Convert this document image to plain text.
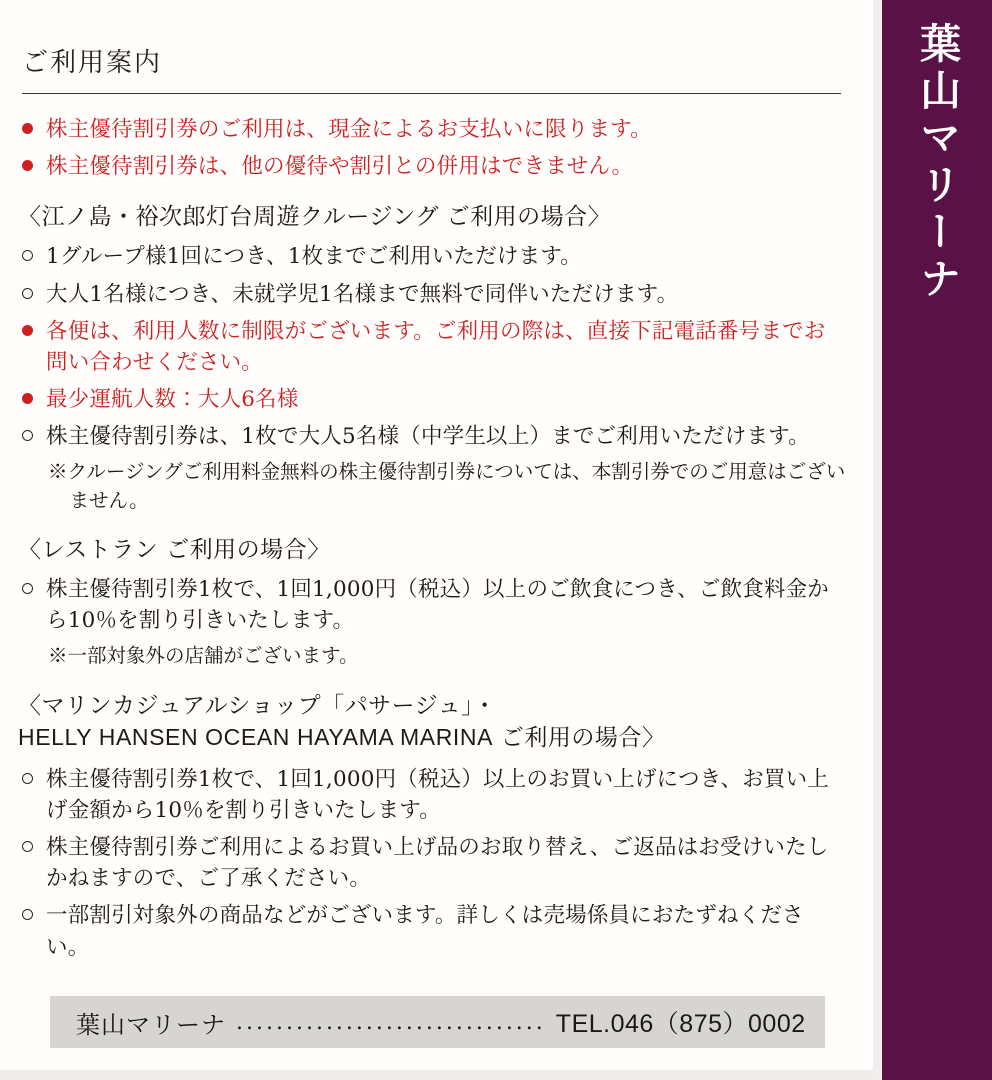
ご利用案内
株主優待割引券のご利用は、現金によるお支払いに限ります。
株主優待割引券は、他の優待や割引との併用はできません。
〈江ノ島・裕次郎灯台周遊クルージング ご利用の場合〉
1グループ様1回につき、1枚までご利用いただけます。
大人1名様につき、未就学児1名様まで無料で同伴いただけます。
各便は、利用人数に制限がございます。ご利用の際は、直接下記電話番号までお問い合わせください。
最少運航人数：大人6名様
株主優待割引券は、1枚で大人5名様（中学生以上）までご利用いただけます。
※クルージングご利用料金無料の株主優待割引券については、本割引券でのご用意はございません。
〈レストラン ご利用の場合〉
株主優待割引券1枚で、1回1,000円（税込）以上のご飲食につき、ご飲食料金から10％を割り引きいたします。
※一部対象外の店舗がございます。
〈マリンカジュアルショップ「パサージュ」・
HELLY HANSEN OCEAN HAYAMA MARINA ご利用の場合〉
株主優待割引券1枚で、1回1,000円（税込）以上のお買い上げにつき、お買い上げ金額から10％を割り引きいたします。
株主優待割引券ご利用によるお買い上げ品のお取り替え、ご返品はお受けいたしかねますので、ご了承ください。
一部割引対象外の商品などがございます。詳しくは売場係員におたずねください。
葉山マリーナ ............................... TEL.046（875）0002
葉山マリーナ
